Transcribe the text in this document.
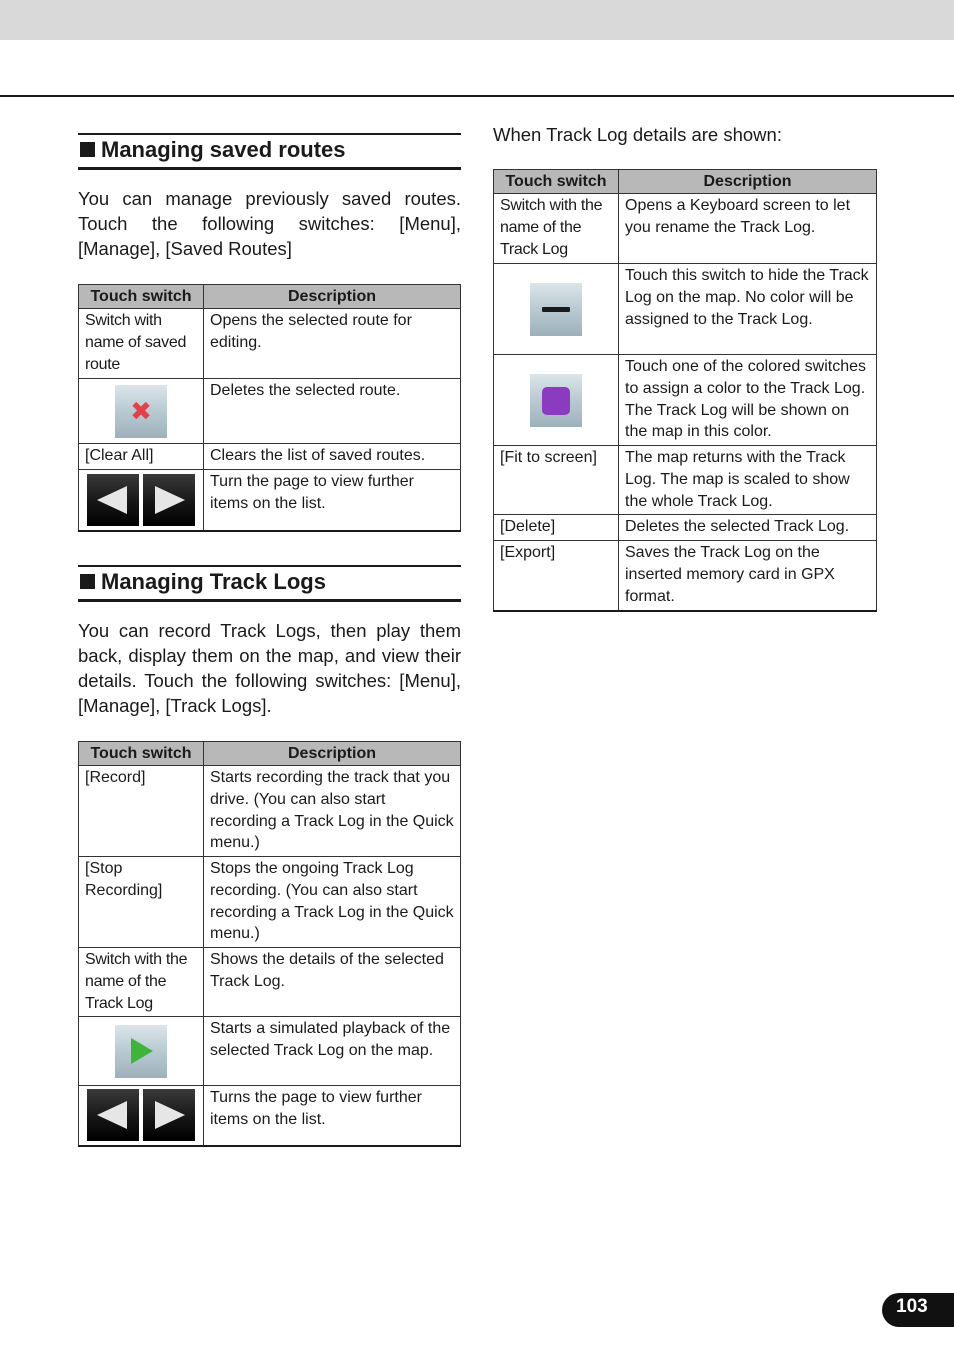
Managing saved routes
You can manage previously saved routes. Touch the following switches: [Menu], [Manage], [Saved Routes]
Touch switch	Description
Switch with name of saved route	Opens the selected route for editing.

✖	Deletes the selected route.
[Clear All]	Clears the list of saved routes.

	Turn the page to view further items on the list.
Managing Track Logs
You can record Track Logs, then play them back, display them on the map, and view their details. Touch the following switches: [Menu], [Manage], [Track Logs].
Touch switch	Description
[Record]	Starts recording the track that you drive. (You can also start recording a Track Log in the Quick menu.)
[Stop Recording]	Stops the ongoing Track Log recording. (You can also start recording a Track Log in the Quick menu.)
Switch with the name of the Track Log	Shows the details of the selected Track Log.

	Starts a simulated playback of the selected Track Log on the map.

	Turns the page to view further items on the list.
When Track Log details are shown:
Touch switch	Description
Switch with the name of the Track Log	Opens a Keyboard screen to let you rename the Track Log.

	Touch this switch to hide the Track Log on the map. No color will be assigned to the Track Log.

	Touch one of the colored switches to assign a color to the Track Log. The Track Log will be shown on the map in this color.
[Fit to screen]	The map returns with the Track Log. The map is scaled to show the whole Track Log.
[Delete]	Deletes the selected Track Log.
[Export]	Saves the Track Log on the inserted memory card in GPX format.
103
